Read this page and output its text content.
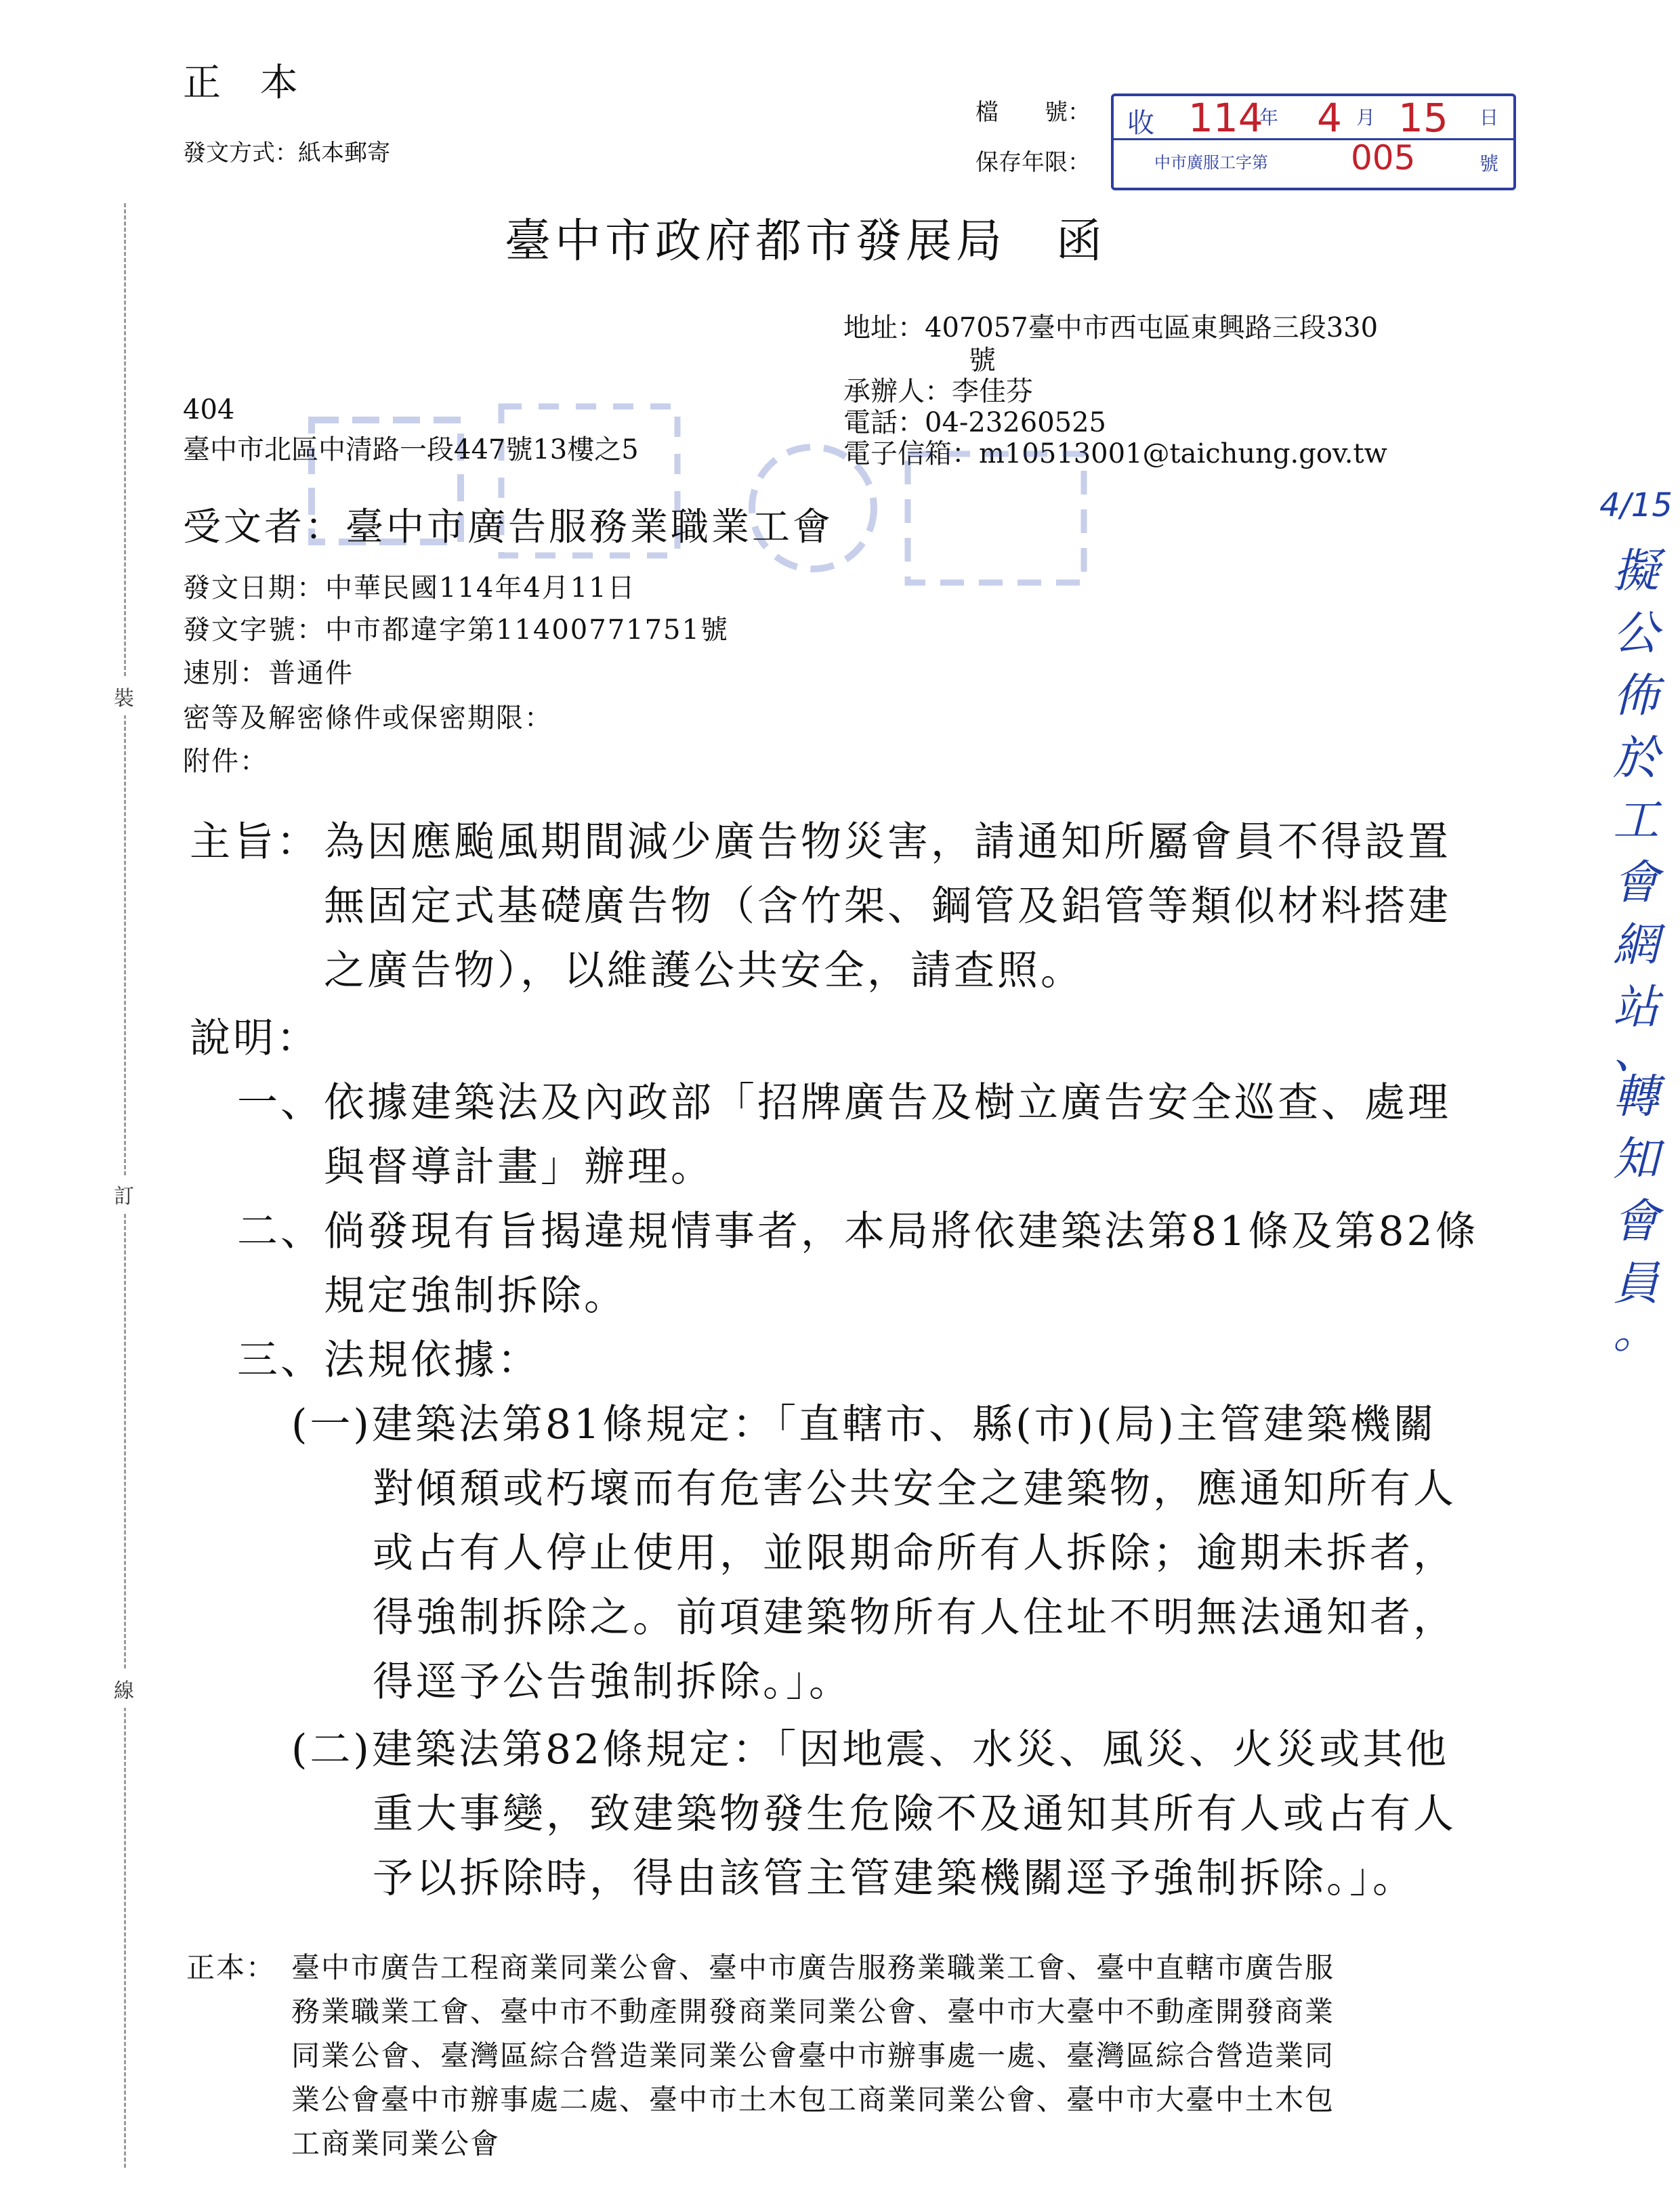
正 本
發文方式：紙本郵寄
檔　　號：
保存年限：
收 114
年 4 月 15 日
中市廣服工字第 005	號
臺中市政府都市發展局　函
地址：407057臺中市西屯區東興路三段330
號
承辦人：李佳芬
電話：04-23260525
電子信箱：m10513001@taichung.gov.tw
404
臺中市北區中清路一段447號13樓之5
受文者：臺中市廣告服務業職業工會
發文日期：中華民國114年4月11日
發文字號：中市都違字第11400771751號
速別：普通件
密等及解密條件或保密期限：
附件：
裝
訂
線
主旨： 為因應颱風期間減少廣告物災害，請通知所屬會員不得設置
無固定式基礎廣告物（含竹架、鋼管及鋁管等類似材料搭建
之廣告物），以維護公共安全，請查照。
說明：
一、依據建築法及內政部「招牌廣告及樹立廣告安全巡查、處理
與督導計畫」辦理。
二、倘發現有旨揭違規情事者，本局將依建築法第81條及第82條
規定強制拆除。
三、法規依據：
(一)建築法第81條規定：「直轄市、縣(市)(局)主管建築機關
對傾頹或朽壞而有危害公共安全之建築物，應通知所有人
或占有人停止使用，並限期命所有人拆除；逾期未拆者，
得強制拆除之。前項建築物所有人住址不明無法通知者，
得逕予公告強制拆除。」。
(二)建築法第82條規定：「因地震、水災、風災、火災或其他
重大事變，致建築物發生危險不及通知其所有人或占有人
予以拆除時，得由該管主管建築機關逕予強制拆除。」。
正本： 臺中市廣告工程商業同業公會、臺中市廣告服務業職業工會、臺中直轄市廣告服
務業職業工會、臺中市不動產開發商業同業公會、臺中市大臺中不動產開發商業
同業公會、臺灣區綜合營造業同業公會臺中市辦事處一處、臺灣區綜合營造業同
業公會臺中市辦事處二處、臺中市土木包工商業同業公會、臺中市大臺中土木包
工商業同業公會
4/15
擬
公
佈
於
工
會
網
站
、
轉
知
會
員
。
